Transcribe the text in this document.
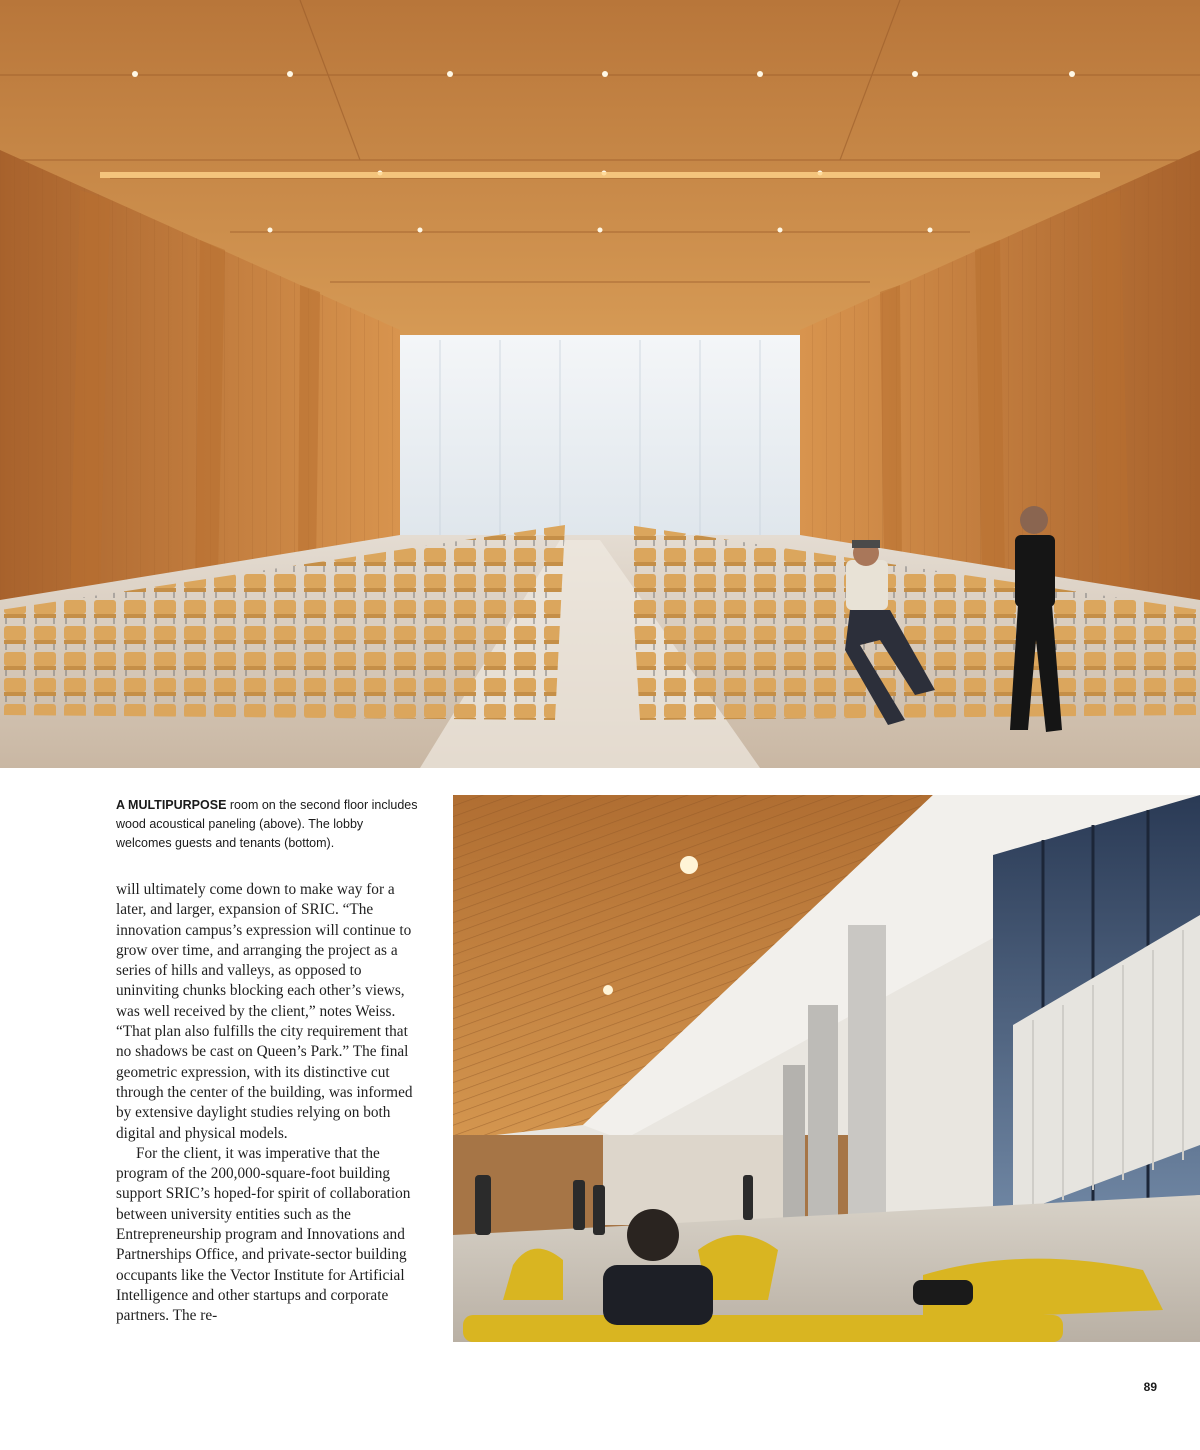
A MULTIPURPOSE room on the second floor includes wood acoustical paneling (above). The lobby welcomes guests and tenants (bottom).

will ultimately come down to make way for a later, and larger, expansion of SRIC. “The innovation campus’s expression will continue to grow over time, and arranging the project as a series of hills and valleys, as opposed to uninviting chunks blocking each other’s views, was well received by the client,” notes Weiss. “That plan also fulfills the city requirement that no shadows be cast on Queen’s Park.” The final geometric expression, with its distinctive cut through the center of the building, was informed by extensive daylight studies relying on both digital and physical models.

For the client, it was imperative that the program of the 200,000-square-foot building support SRIC’s hoped-for spirit of collaboration between university entities such as the Entrepreneurship program and Innovations and Partnerships Office, and private-sector building occupants like the Vector Institute for Artificial Intelligence and other startups and corporate partners. The re-

89
